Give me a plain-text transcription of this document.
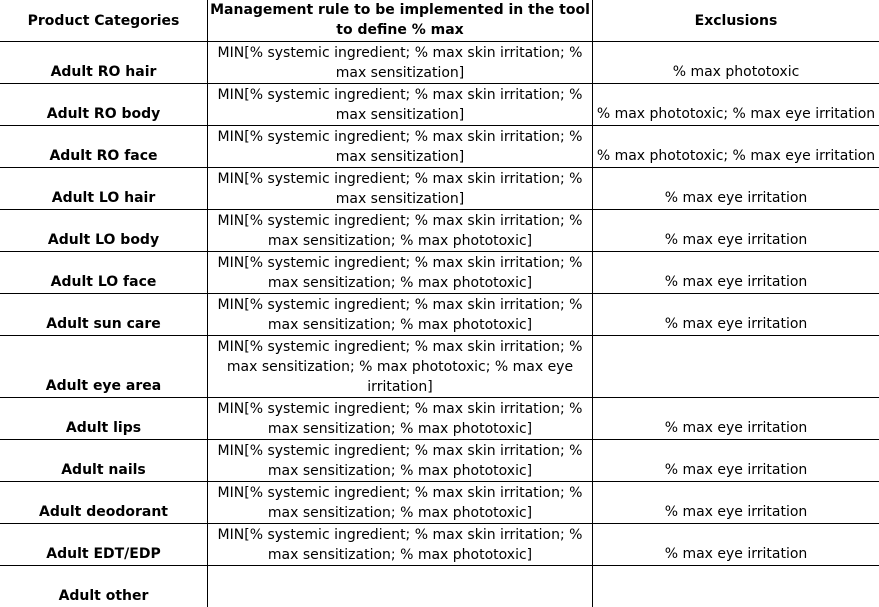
Product Categories	Management rule to be implemented in the tool to define % max	Exclusions
Adult RO hair	MIN[% systemic ingredient; % max skin irritation; % max sensitization]	% max phototoxic
Adult RO body	MIN[% systemic ingredient; % max skin irritation; % max sensitization]	% max phototoxic; % max eye irritation
Adult RO face	MIN[% systemic ingredient; % max skin irritation; % max sensitization]	% max phototoxic; % max eye irritation
Adult LO hair	MIN[% systemic ingredient; % max skin irritation; % max sensitization]	% max eye irritation
Adult LO body	MIN[% systemic ingredient; % max skin irritation; % max sensitization; % max phototoxic]	% max eye irritation
Adult LO face	MIN[% systemic ingredient; % max skin irritation; % max sensitization; % max phototoxic]	% max eye irritation
Adult sun care	MIN[% systemic ingredient; % max skin irritation; % max sensitization; % max phototoxic]	% max eye irritation
Adult eye area	MIN[% systemic ingredient; % max skin irritation; % max sensitization; % max phototoxic; % max eye irritation]	
Adult lips	MIN[% systemic ingredient; % max skin irritation; % max sensitization; % max phototoxic]	% max eye irritation
Adult nails	MIN[% systemic ingredient; % max skin irritation; % max sensitization; % max phototoxic]	% max eye irritation
Adult deodorant	MIN[% systemic ingredient; % max skin irritation; % max sensitization; % max phototoxic]	% max eye irritation
Adult EDT/EDP	MIN[% systemic ingredient; % max skin irritation; % max sensitization; % max phototoxic]	% max eye irritation
Adult other		
